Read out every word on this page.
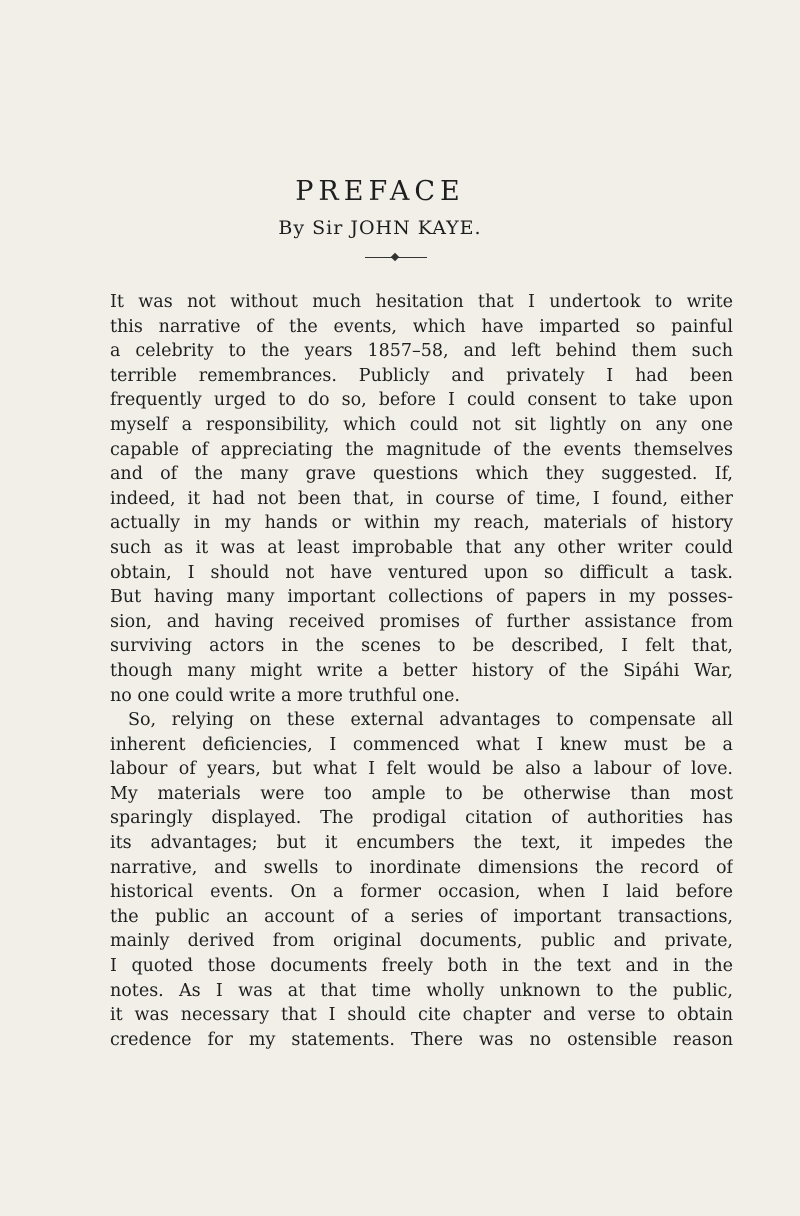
PREFACE
By Sir JOHN KAYE.
It was not without much hesitation that I undertook to write
this narrative of the events, which have imparted so painful
a celebrity to the years 1857–58, and left behind them such
terrible remembrances. Publicly and privately I had been
frequently urged to do so, before I could consent to take upon
myself a responsibility, which could not sit lightly on any one
capable of appreciating the magnitude of the events themselves
and of the many grave questions which they suggested. If,
indeed, it had not been that, in course of time, I found, either
actually in my hands or within my reach, materials of history
such as it was at least improbable that any other writer could
obtain, I should not have ventured upon so difficult a task.
But having many important collections of papers in my posses-
sion, and having received promises of further assistance from
surviving actors in the scenes to be described, I felt that,
though many might write a better history of the Sipáhi War,
no one could write a more truthful one.
So, relying on these external advantages to compensate all
inherent deficiencies, I commenced what I knew must be a
labour of years, but what I felt would be also a labour of love.
My materials were too ample to be otherwise than most
sparingly displayed. The prodigal citation of authorities has
its advantages; but it encumbers the text, it impedes the
narrative, and swells to inordinate dimensions the record of
historical events. On a former occasion, when I laid before
the public an account of a series of important transactions,
mainly derived from original documents, public and private,
I quoted those documents freely both in the text and in the
notes. As I was at that time wholly unknown to the public,
it was necessary that I should cite chapter and verse to obtain
credence for my statements. There was no ostensible reason
